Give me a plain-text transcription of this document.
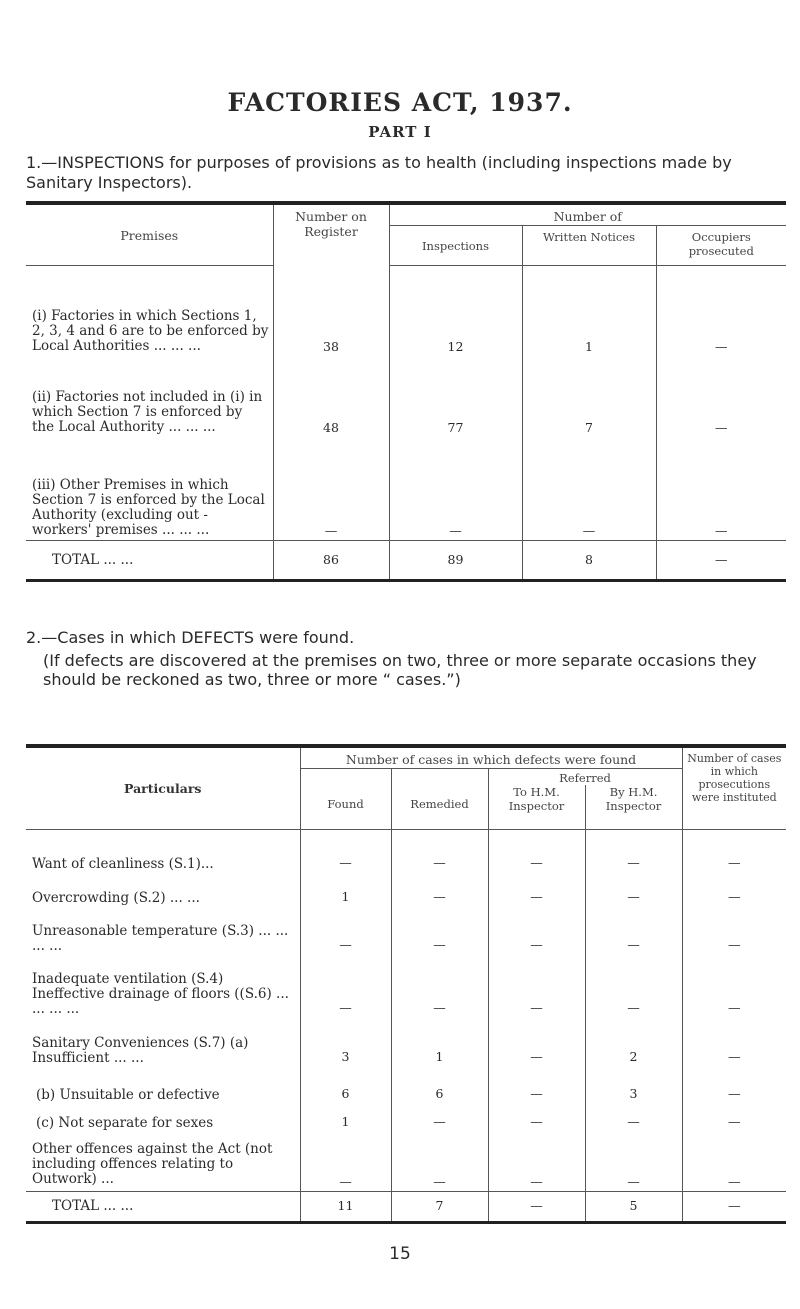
FACTORIES ACT, 1937.
PART I
1.—INSPECTIONS for purposes of provisions as to health (including inspections made by Sanitary Inspectors).
Premises	Number on Register	Number of		
		Inspections	Written Notices	Occupiers prosecuted
(i) Factories in which Sections 1, 2, 3, 4 and 6 are to be enforced by Local Authorities ... ... ...	38	12	1	—
(ii) Factories not included in (i) in which Section 7 is enforced by the Local Authority ... ... ...	48	77	7	—
(iii) Other Premises in which Section 7 is enforced by the Local Authority (excluding out - workers' premises ... ... ...	—	—	—	—
TOTAL ... ...	86	89	8	—
2.—Cases in which DEFECTS were found.
(If defects are discovered at the premises on two, three or more separate occasions they should be reckoned as two, three or more “ cases.”)
Particulars	Number of cases in which defects were found				Number of cases in which prosecutions were instituted
	Found	Remedied	Referred		
			To H.M. Inspector	By H.M. Inspector	
Want of cleanliness (S.1)...	—	—	—	—	—
Overcrowding (S.2) ... ...	1	—	—	—	—
Unreasonable temperature (S.3) ... ... ... ...	—	—	—	—	—
Inadequate ventilation (S.4) Ineffective drainage of floors ((S.6) ... ... ... ...	—	—	—	—	—
Sanitary Conveniences (S.7) (a) Insufficient ... ...	3	1	—	2	—
(b) Unsuitable or defective	6	6	—	3	—
(c) Not separate for sexes	1	—	—	—	—
Other offences against the Act (not including offences relating to Outwork) ...	—	—	—	—	—
TOTAL ... ...	11	7	—	5	—
15
